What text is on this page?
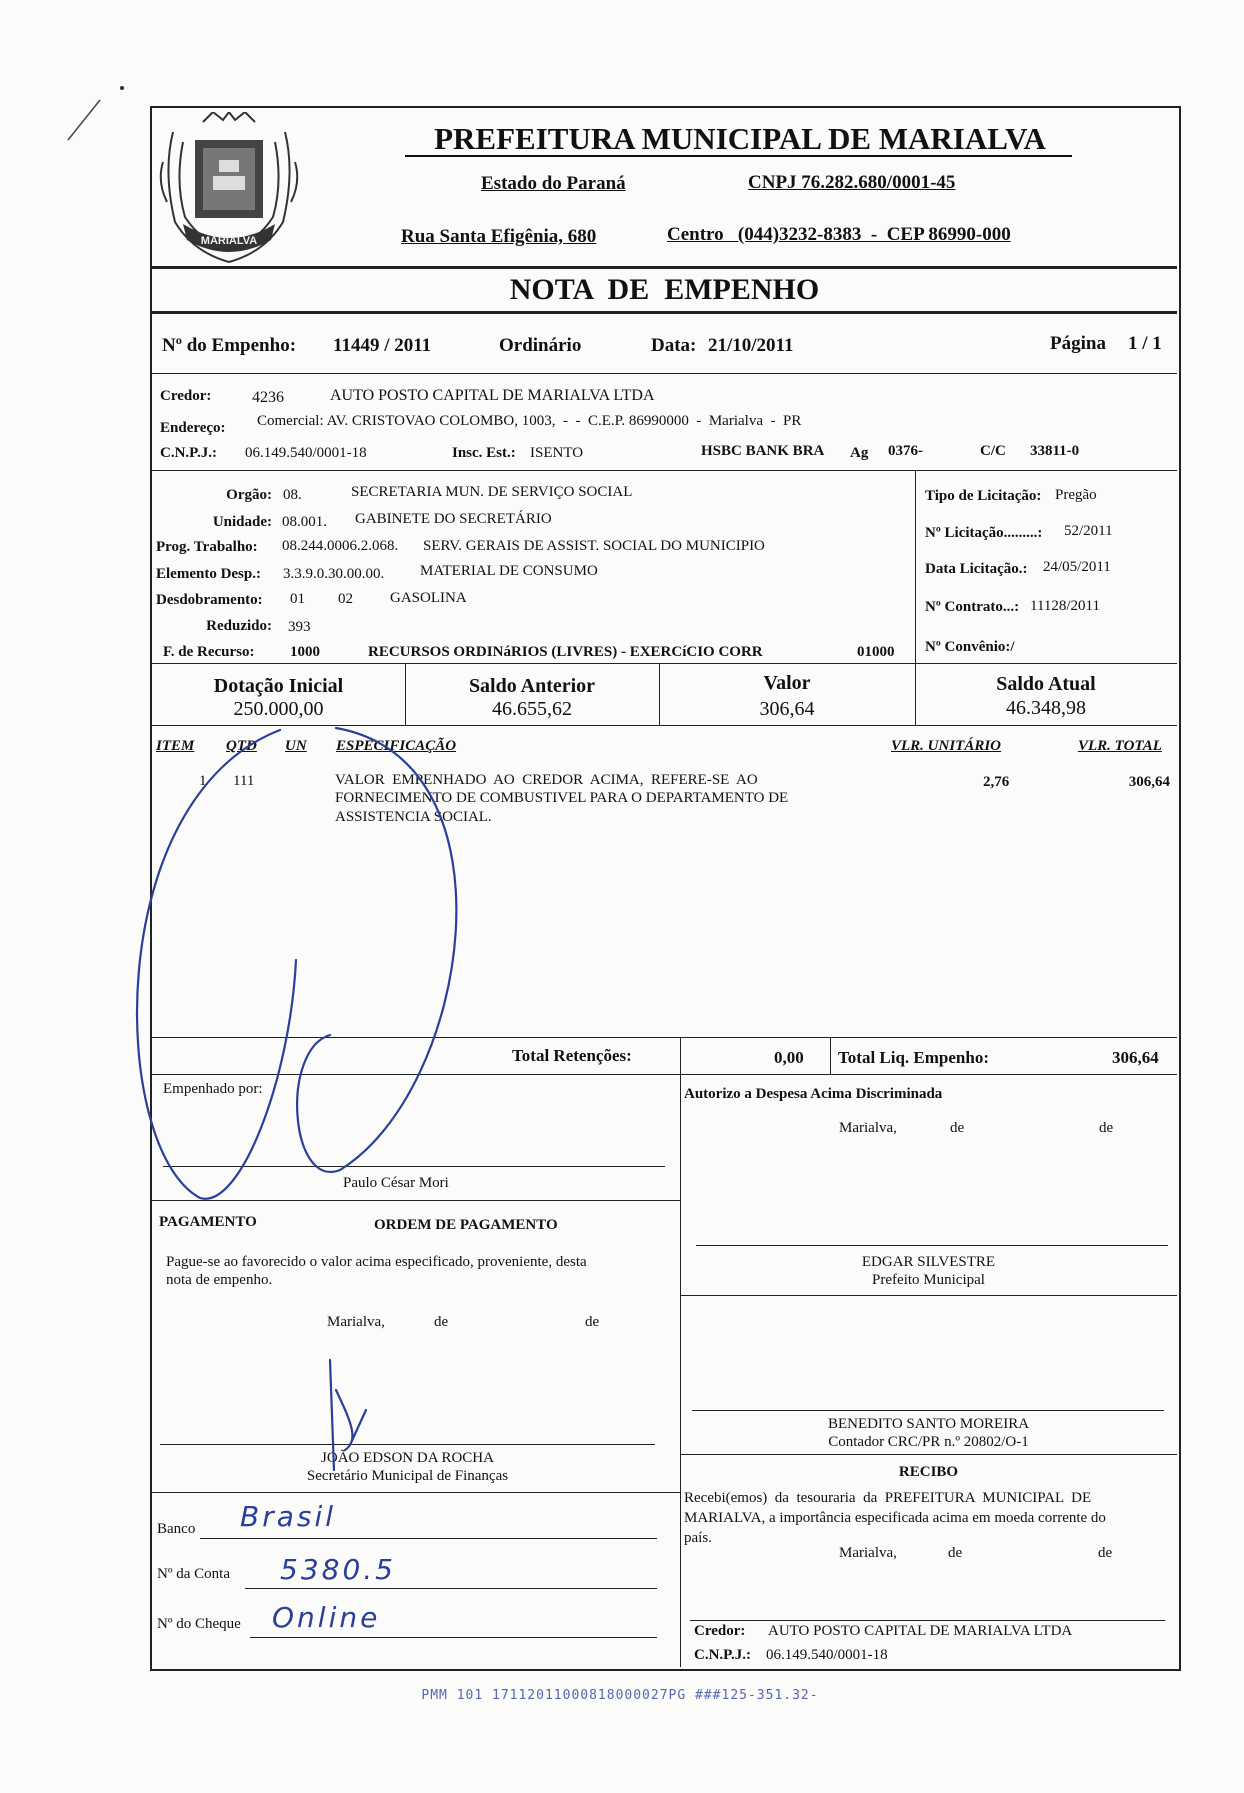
MARIALVA
PREFEITURA MUNICIPAL DE MARIALVA
Estado do Paraná	CNPJ 76.282.680/0001-45
Rua Santa Efigênia, 680	Centro   (044)3232-8383  -  CEP 86990-000
NOTA  DE  EMPENHO
Nº do Empenho: 11449 / 2011	Ordinário	Data: 21/10/2011	Página 1 / 1
Credor:	4236	AUTO POSTO CAPITAL DE MARIALVA LTDA
Endereço: Comercial: AV. CRISTOVAO COLOMBO, 1003,  -  -  C.E.P. 86990000  -  Marialva  -  PR
C.N.P.J.: 06.149.540/0001-18	Insc. Est.: ISENTO	HSBC BANK BRA Ag 0376-	C/C 33811-0
Orgão: 08.	SECRETARIA MUN. DE SERVIÇO SOCIAL
Unidade: 08.001. GABINETE DO SECRETÁRIO
Prog. Trabalho: 08.244.0006.2.068. SERV. GERAIS DE ASSIST. SOCIAL DO MUNICIPIO
Elemento Desp.: 3.3.9.0.30.00.00. MATERIAL DE CONSUMO
Desdobramento: 01 02 GASOLINA
Reduzido: 393
F. de Recurso: 1000	RECURSOS ORDINáRIOS (LIVRES) - EXERCíCIO CORR	01000
Tipo de Licitação: Pregão
Nº Licitação.........: 52/2011
Data Licitação.: 24/05/2011
Nº Contrato...: 11128/2011
Nº Convênio:/
Dotação Inicial
250.000,00
Saldo Anterior
46.655,62
Valor
306,64
Saldo Atual
46.348,98
ITEM QTD UN ESPECIFICAÇÃO	VLR. UNITÁRIO	VLR. TOTAL
1 111	VALOR  EMPENHADO  AO  CREDOR  ACIMA,  REFERE-SE  AO
FORNECIMENTO DE COMBUSTIVEL PARA O DEPARTAMENTO DE
ASSISTENCIA SOCIAL.
2,76	306,64
Total Retenções:	0,00 Total Liq. Empenho:	306,64
Empenhado por:
Paulo César Mori
PAGAMENTO	ORDEM DE PAGAMENTO
Pague-se ao favorecido o valor acima especificado, proveniente, desta
nota de empenho.
Marialva,	de	de
JOÃO EDSON DA ROCHA
Secretário Municipal de Finanças
Banco Brasil
Nº da Conta 5380.5
Nº do Cheque Online
Autorizo a Despesa Acima Discriminada
Marialva,	de	de
EDGAR SILVESTRE
Prefeito Municipal
BENEDITO SANTO MOREIRA
Contador CRC/PR n.º 20802/O-1
RECIBO
Recebi(emos)  da  tesouraria  da  PREFEITURA  MUNICIPAL  DE
MARIALVA, a importância especificada acima em moeda corrente do
país.
Marialva,	de	de
Credor: AUTO POSTO CAPITAL DE MARIALVA LTDA
C.N.P.J.: 06.149.540/0001-18
PMM 101 17112011000818000027PG ###125-351.32-
